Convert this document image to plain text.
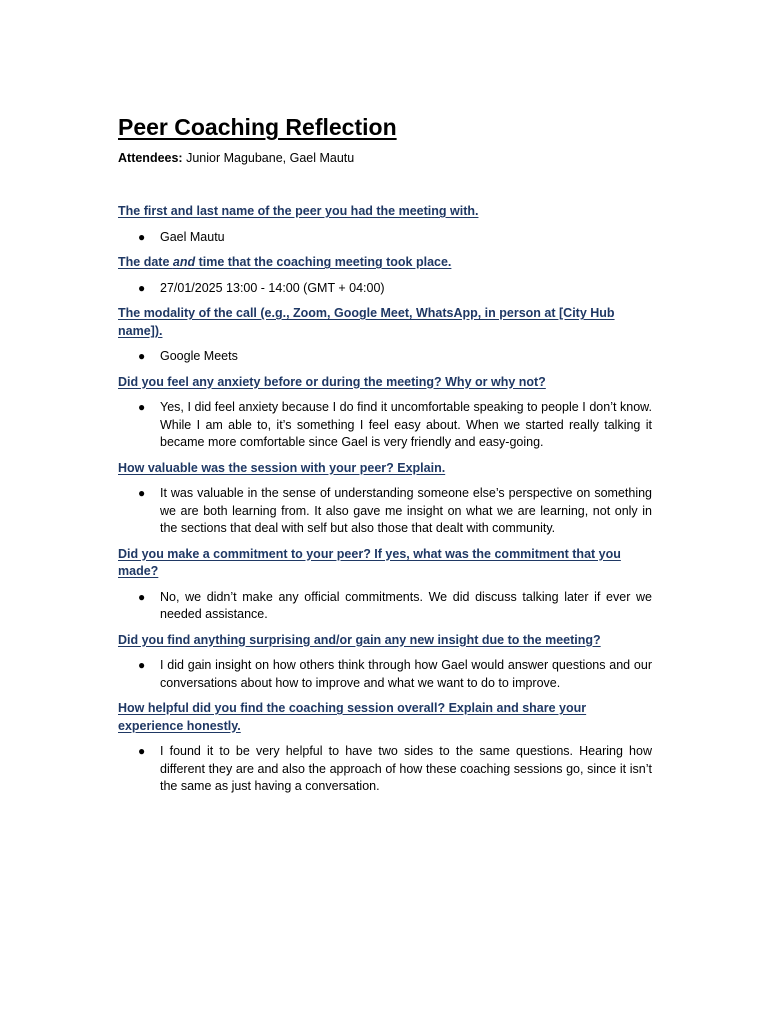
Peer Coaching Reflection
Attendees: Junior Magubane, Gael Mautu

The first and last name of the peer you had the meeting with.

● Gael Mautu

The date and time that the coaching meeting took place.

● 27/01/2025 13:00 - 14:00 (GMT + 04:00)

The modality of the call (e.g., Zoom, Google Meet, WhatsApp, in person at [City Hub name]).

● Google Meets

Did you feel any anxiety before or during the meeting? Why or why not?

● Yes, I did feel anxiety because I do find it uncomfortable speaking to people I don’t know. While I am able to, it’s something I feel easy about. When we started really talking it became more comfortable since Gael is very friendly and easy-going.

How valuable was the session with your peer? Explain.

● It was valuable in the sense of understanding someone else’s perspective on something we are both learning from. It also gave me insight on what we are learning, not only in the sections that deal with self but also those that dealt with community.

Did you make a commitment to your peer? If yes, what was the commitment that you made?

● No, we didn’t make any official commitments. We did discuss talking later if ever we needed assistance.

Did you find anything surprising and/or gain any new insight due to the meeting?

● I did gain insight on how others think through how Gael would answer questions and our conversations about how to improve and what we want to do to improve.

How helpful did you find the coaching session overall? Explain and share your experience honestly.

● I found it to be very helpful to have two sides to the same questions. Hearing how different they are and also the approach of how these coaching sessions go, since it isn’t the same as just having a conversation.
